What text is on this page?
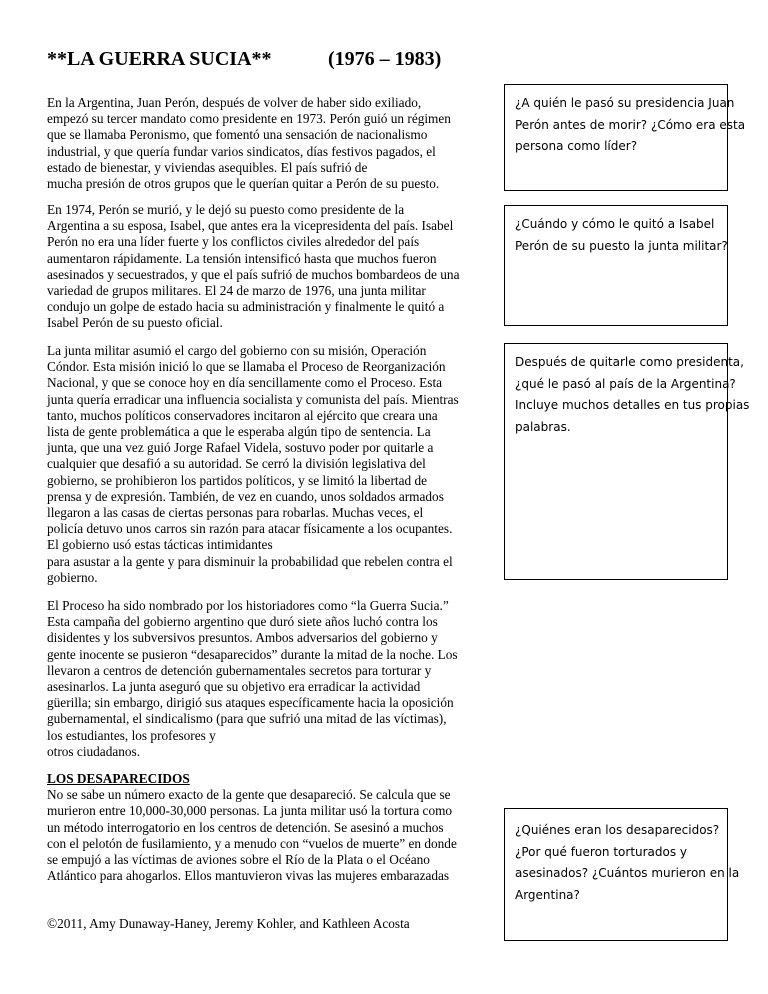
**LA GUERRA SUCIA**	(1976 – 1983)

En la Argentina, Juan Perón, después de volver de haber sido exiliado,
empezó su tercer mandato como presidente en 1973. Perón guió un régimen
que se llamaba Peronismo, que fomentó una sensación de nacionalismo
industrial, y que quería fundar varios sindicatos, días festivos pagados, el
estado de bienestar, y viviendas asequibles. El país sufrió de
mucha presión de otros grupos que le querían quitar a Perón de su puesto.

En 1974, Perón se murió, y le dejó su puesto como presidente de la
Argentina a su esposa, Isabel, que antes era la vicepresidenta del país. Isabel
Perón no era una líder fuerte y los conflictos civiles alrededor del país
aumentaron rápidamente. La tensión intensificó hasta que muchos fueron
asesinados y secuestrados, y que el país sufrió de muchos bombardeos de una
variedad de grupos militares. El 24 de marzo de 1976, una junta militar
condujo un golpe de estado hacia su administración y finalmente le quitó a
Isabel Perón de su puesto oficial.

La junta militar asumió el cargo del gobierno con su misión, Operación
Cóndor. Esta misión inició lo que se llamaba el Proceso de Reorganización
Nacional, y que se conoce hoy en día sencillamente como el Proceso. Esta
junta quería erradicar una influencia socialista y comunista del país. Mientras
tanto, muchos políticos conservadores incitaron al ejército que creara una
lista de gente problemática a que le esperaba algún tipo de sentencia. La
junta, que una vez guió Jorge Rafael Videla, sostuvo poder por quitarle a
cualquier que desafió a su autoridad. Se cerró la división legislativa del
gobierno, se prohibieron los partidos políticos, y se limitó la libertad de
prensa y de expresión. También, de vez en cuando, unos soldados armados
llegaron a las casas de ciertas personas para robarlas. Muchas veces, el
policía detuvo unos carros sin razón para atacar físicamente a los ocupantes.
El gobierno usó estas tácticas intimidantes
para asustar a la gente y para disminuir la probabilidad que rebelen contra el
gobierno.

El Proceso ha sido nombrado por los historiadores como “la Guerra Sucia.”
Esta campaña del gobierno argentino que duró siete años luchó contra los
disidentes y los subversivos presuntos. Ambos adversarios del gobierno y
gente inocente se pusieron “desaparecidos” durante la mitad de la noche. Los
llevaron a centros de detención gubernamentales secretos para torturar y
asesinarlos. La junta aseguró que su objetivo era erradicar la actividad
güerilla; sin embargo, dirigió sus ataques específicamente hacia la oposición
gubernamental, el sindicalismo (para que sufrió una mitad de las víctimas),
los estudiantes, los profesores y
otros ciudadanos.

LOS DESAPARECIDOS
No se sabe un número exacto de la gente que desapareció. Se calcula que se
murieron entre 10,000-30,000 personas. La junta militar usó la tortura como
un método interrogatorio en los centros de detención. Se asesinó a muchos
con el pelotón de fusilamiento, y a menudo con “vuelos de muerte” en donde
se empujó a las víctimas de aviones sobre el Río de la Plata o el Océano
Atlántico para ahogarlos. Ellos mantuvieron vivas las mujeres embarazadas

¿A quién le pasó su presidencia Juan
Perón antes de morir? ¿Cómo era esta
persona como líder?
¿Cuándo y cómo le quitó a Isabel
Perón de su puesto la junta militar?
Después de quitarle como presidenta,
¿qué le pasó al país de la Argentina?
Incluye muchos detalles en tus propias
palabras.
¿Quiénes eran los desaparecidos?
¿Por qué fueron torturados y
asesinados? ¿Cuántos murieron en la
Argentina?
©2011, Amy Dunaway-Haney, Jeremy Kohler, and Kathleen Acosta
